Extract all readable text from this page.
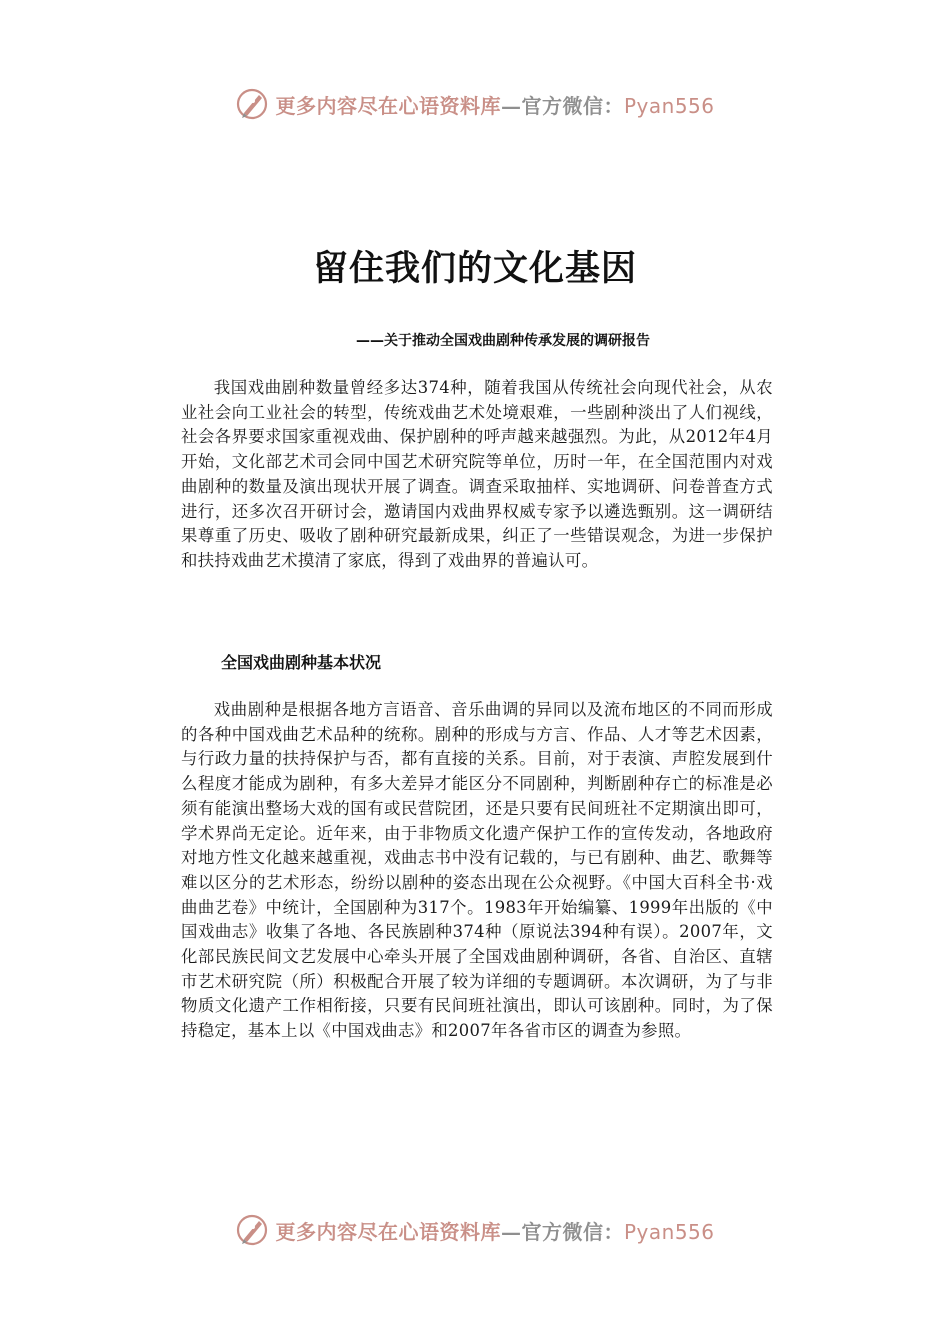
更多内容尽在心语资料库—官方微信：Pyan556
留住我们的文化基因
——关于推动全国戏曲剧种传承发展的调研报告

我国戏曲剧种数量曾经多达374种，随着我国从传统社会向现代社会，从农业社会向工业社会的转型，传统戏曲艺术处境艰难，一些剧种淡出了人们视线，社会各界要求国家重视戏曲、保护剧种的呼声越来越强烈。为此，从2012年4月开始，文化部艺术司会同中国艺术研究院等单位，历时一年，在全国范围内对戏曲剧种的数量及演出现状开展了调查。调查采取抽样、实地调研、问卷普查方式进行，还多次召开研讨会，邀请国内戏曲界权威专家予以遴选甄别。这一调研结果尊重了历史、吸收了剧种研究最新成果，纠正了一些错误观念，为进一步保护和扶持戏曲艺术摸清了家底，得到了戏曲界的普遍认可。

全国戏曲剧种基本状况

戏曲剧种是根据各地方言语音、音乐曲调的异同以及流布地区的不同而形成的各种中国戏曲艺术品种的统称。剧种的形成与方言、作品、人才等艺术因素，与行政力量的扶持保护与否，都有直接的关系。目前，对于表演、声腔发展到什么程度才能成为剧种，有多大差异才能区分不同剧种，判断剧种存亡的标准是必须有能演出整场大戏的国有或民营院团，还是只要有民间班社不定期演出即可，学术界尚无定论。近年来，由于非物质文化遗产保护工作的宣传发动，各地政府对地方性文化越来越重视，戏曲志书中没有记载的，与已有剧种、曲艺、歌舞等难以区分的艺术形态，纷纷以剧种的姿态出现在公众视野。《中国大百科全书·戏曲曲艺卷》中统计，全国剧种为317个。1983年开始编纂、1999年出版的《中国戏曲志》收集了各地、各民族剧种374种（原说法394种有误）。2007年，文化部民族民间文艺发展中心牵头开展了全国戏曲剧种调研，各省、自治区、直辖市艺术研究院（所）积极配合开展了较为详细的专题调研。本次调研，为了与非物质文化遗产工作相衔接，只要有民间班社演出，即认可该剧种。同时，为了保持稳定，基本上以《中国戏曲志》和2007年各省市区的调查为参照。

更多内容尽在心语资料库—官方微信：Pyan556
